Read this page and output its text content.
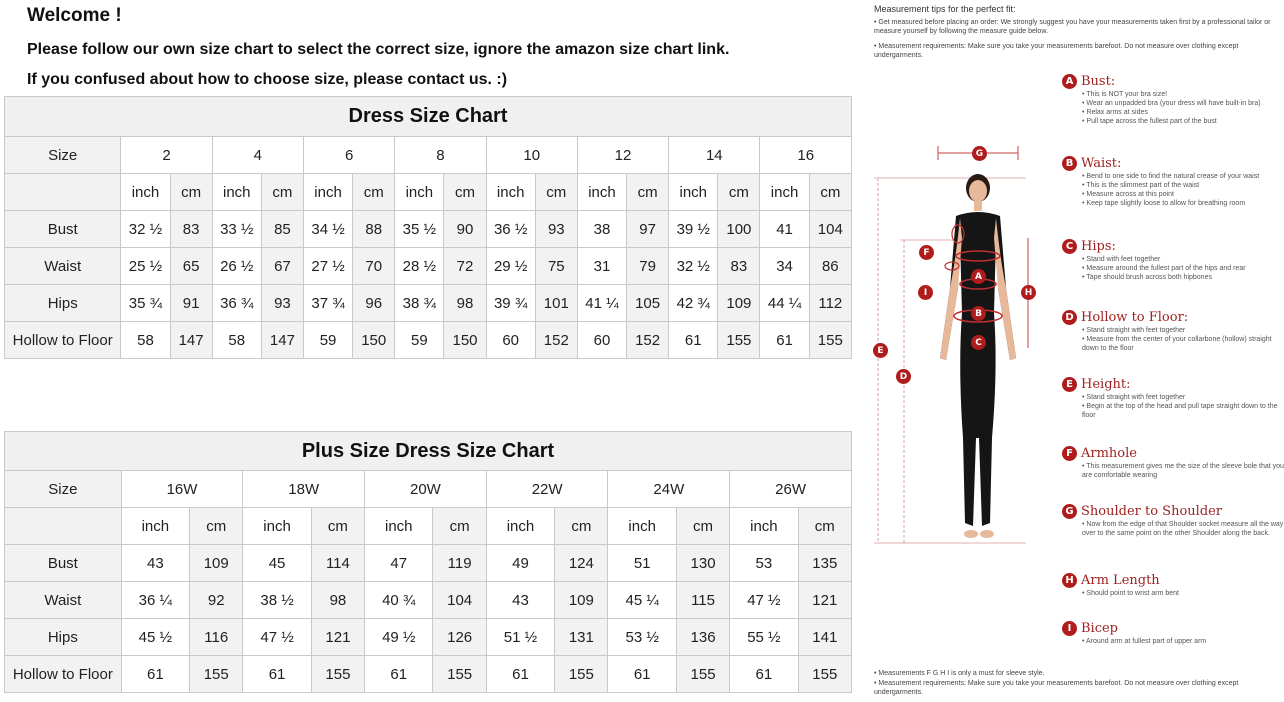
Welcome !
Please follow our own size chart to select the correct size, ignore the amazon size chart link.
If you confused about how to choose size, please contact us. :)
Dress Size Chart																
Size	2		4		6		8		10		12		14		16	
	inch	cm	inch	cm	inch	cm	inch	cm	inch	cm	inch	cm	inch	cm	inch	cm
Bust	32 ½	83	33 ½	85	34 ½	88	35 ½	90	36 ½	93	38	97	39 ½	100	41	104
Waist	25 ½	65	26 ½	67	27 ½	70	28 ½	72	29 ½	75	31	79	32 ½	83	34	86
Hips	35 ¾	91	36 ¾	93	37 ¾	96	38 ¾	98	39 ¾	101	41 ¼	105	42 ¾	109	44 ¼	112
Hollow to Floor	58	147	58	147	59	150	59	150	60	152	60	152	61	155	61	155
Plus Size Dress Size Chart												
Size	16W		18W		20W		22W		24W		26W	
	inch	cm	inch	cm	inch	cm	inch	cm	inch	cm	inch	cm
Bust	43	109	45	114	47	119	49	124	51	130	53	135
Waist	36 ¼	92	38 ½	98	40 ¾	104	43	109	45 ¼	115	47 ½	121
Hips	45 ½	116	47 ½	121	49 ½	126	51 ½	131	53 ½	136	55 ½	141
Hollow to Floor	61	155	61	155	61	155	61	155	61	155	61	155
Measurement tips for the perfect fit:
• Get measured before placing an order: We strongly suggest you have your measurements taken first by a professional tailor or measure yourself by following the measure guide below.
• Measurement requirements: Make sure you take your measurements barefoot. Do not measure over clothing except undergarments.
G
A
B
C
F
I	H
E
D
A Bust:
• This is NOT your bra size!
• Wear an unpadded bra (your dress will have built-in bra)
• Relax arms at sides
• Pull tape across the fullest part of the bust
B Waist:
• Bend to one side to find the natural crease of your waist
• This is the slimmest part of the waist
• Measure across at this point
• Keep tape slightly loose to allow for breathing room
C Hips:
• Stand with feet together
• Measure around the fullest part of the hips and rear
• Tape should brush across both hipbones
D Hollow to Floor:
• Stand straight with feet together
• Measure from the center of your collarbone (hollow) straight down to the floor
E Height:
• Stand straight with feet together
• Begin at the top of the head and pull tape straight down to the floor
F Armhole
• This measurement gives me the size of the sleeve bole that you are comfortable wearing
G Shoulder to Shoulder
• Now from the edge of that Shoulder socket measure all the way over to the same point on the other Shoulder along the back.
H Arm Length
• Should point to wrist arm bent
I Bicep
• Around arm at fullest part of upper arm
• Measurements F G H I is only a must for sleeve style.
• Measurement requirements: Make sure you take your measurements barefoot. Do not measure over clothing except undergarments.
